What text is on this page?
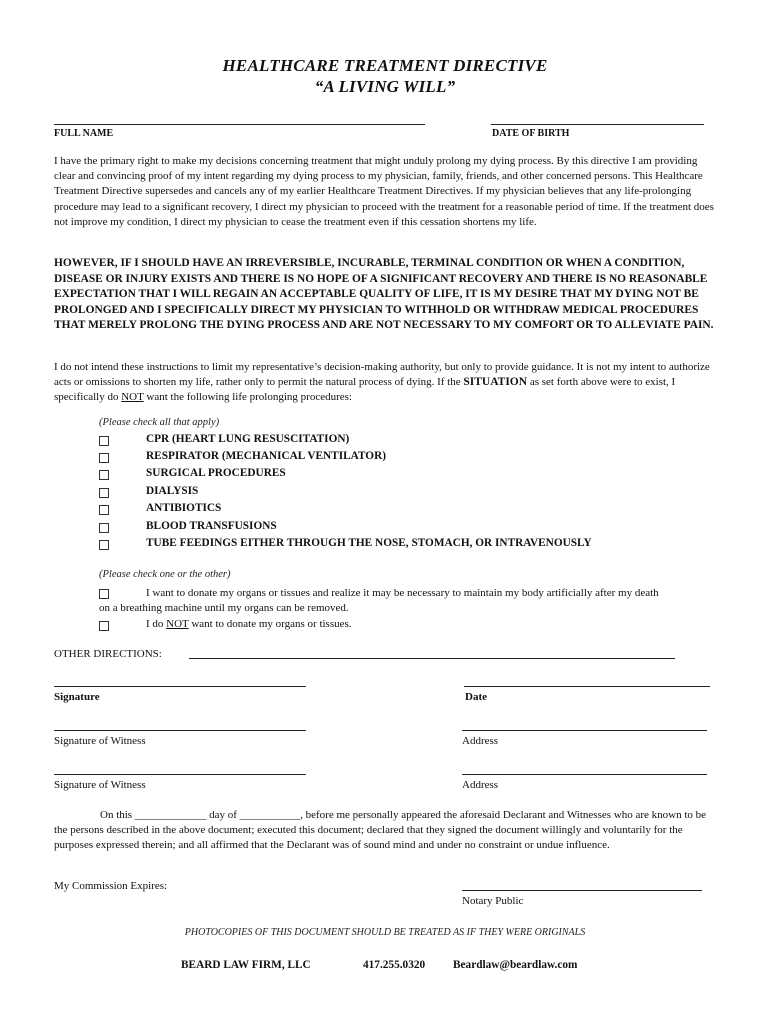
HEALTHCARE TREATMENT DIRECTIVE
“A LIVING WILL”
FULL NAME	DATE OF BIRTH
I have the primary right to make my decisions concerning treatment that might unduly prolong my dying process. By this directive I am providing clear and convincing proof of my intent regarding my dying process to my physician, family, friends, and other concerned persons. This Healthcare Treatment Directive supersedes and cancels any of my earlier Healthcare Treatment Directives. If my physician believes that any life-prolonging procedure may lead to a significant recovery, I direct my physician to proceed with the treatment for a reasonable period of time. If the treatment does not improve my condition, I direct my physician to cease the treatment even if this cessation shortens my life.
HOWEVER, IF I SHOULD HAVE AN IRREVERSIBLE, INCURABLE, TERMINAL CONDITION OR WHEN A CONDITION, DISEASE OR INJURY EXISTS AND THERE IS NO HOPE OF A SIGNIFICANT RECOVERY AND THERE IS NO REASONABLE EXPECTATION THAT I WILL REGAIN AN ACCEPTABLE QUALITY OF LIFE, IT IS MY DESIRE THAT MY DYING NOT BE PROLONGED AND I SPECIFICALLY DIRECT MY PHYSICIAN TO WITHHOLD OR WITHDRAW MEDICAL PROCEDURES THAT MERELY PROLONG THE DYING PROCESS AND ARE NOT NECESSARY TO MY COMFORT OR TO ALLEVIATE PAIN.
I do not intend these instructions to limit my representative’s decision-making authority, but only to provide guidance. It is not my intent to authorize acts or omissions to shorten my life, rather only to permit the natural process of dying. If the SITUATION as set forth above were to exist, I specifically do NOT want the following life prolonging procedures:
(Please check all that apply)
CPR (HEART LUNG RESUSCITATION)
RESPIRATOR (MECHANICAL VENTILATOR)
SURGICAL PROCEDURES
DIALYSIS
ANTIBIOTICS
BLOOD TRANSFUSIONS
TUBE FEEDINGS EITHER THROUGH THE NOSE, STOMACH, OR INTRAVENOUSLY
(Please check one or the other)
I want to donate my organs or tissues and realize it may be necessary to maintain my body artificially after my death
on a breathing machine until my organs can be removed.
I do NOT want to donate my organs or tissues.
OTHER DIRECTIONS:
Signature	Date
Signature of Witness	Address
Signature of Witness	Address
On this _____________ day of ___________, before me personally appeared the aforesaid Declarant and Witnesses who are known to be the persons described in the above document; executed this document; declared that they signed the document willingly and voluntarily for the purposes expressed therein; and all affirmed that the Declarant was of sound mind and under no constraint or undue influence.
My Commission Expires:
Notary Public
PHOTOCOPIES OF THIS DOCUMENT SHOULD BE TREATED AS IF THEY WERE ORIGINALS
BEARD LAW FIRM, LLC	417.255.0320 Beardlaw@beardlaw.com
